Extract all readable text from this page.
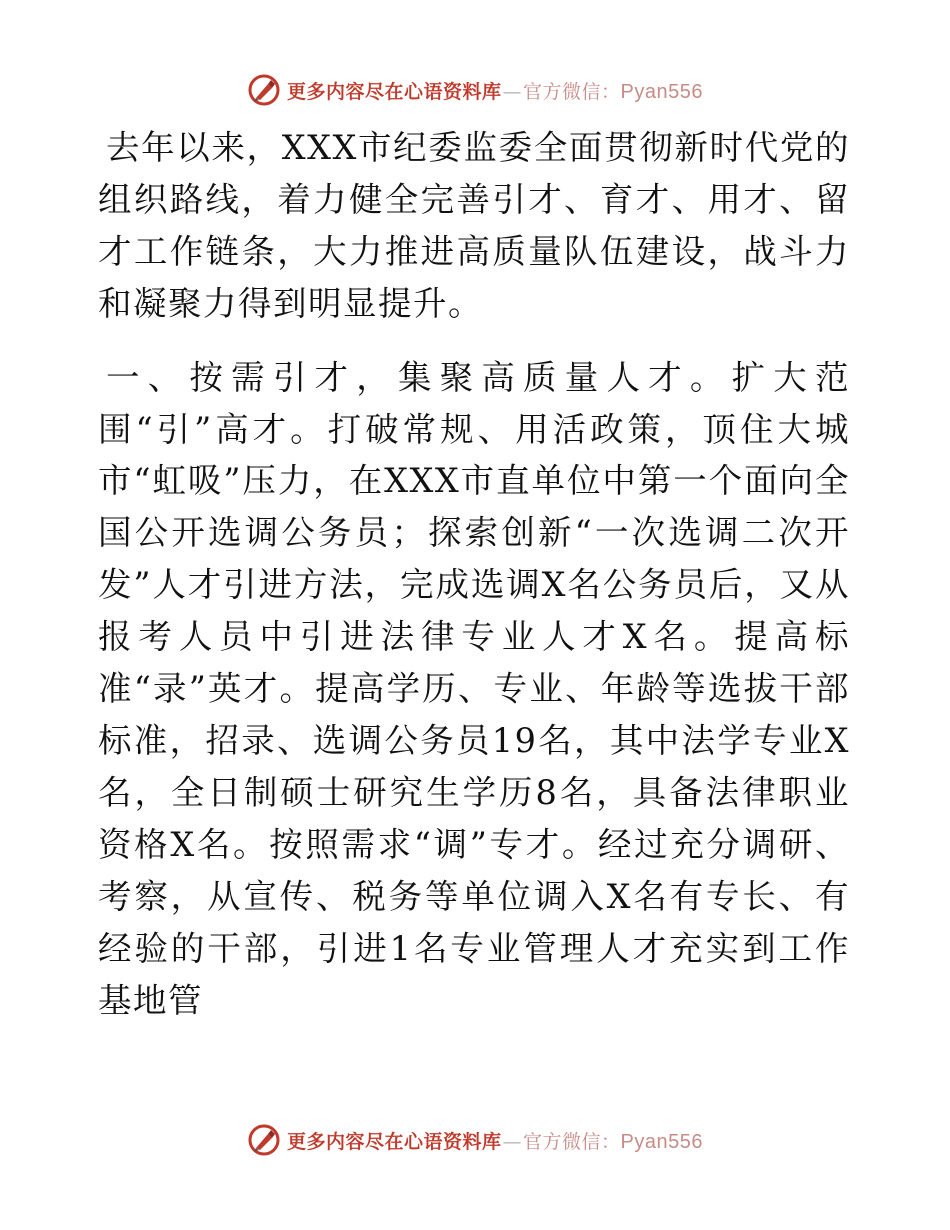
更多内容尽在心语资料库—官方微信：Pyan556

去年以来，XXX市纪委监委全面贯彻新时代党的组织路线，着力健全完善引才、育才、用才、留才工作链条，大力推进高质量队伍建设，战斗力和凝聚力得到明显提升。

一、按需引才，集聚高质量人才。扩大范围“引”高才。打破常规、用活政策，顶住大城市“虹吸”压力，在XXX市直单位中第一个面向全国公开选调公务员；探索创新“一次选调二次开发”人才引进方法，完成选调X名公务员后，又从报考人员中引进法律专业人才X名。提高标准“录”英才。提高学历、专业、年龄等选拔干部标准，招录、选调公务员19名，其中法学专业X名，全日制硕士研究生学历8名，具备法律职业资格X名。按照需求“调”专才。经过充分调研、考察，从宣传、税务等单位调入X名有专长、有经验的干部，引进1名专业管理人才充实到工作基地管

更多内容尽在心语资料库—官方微信：Pyan556
